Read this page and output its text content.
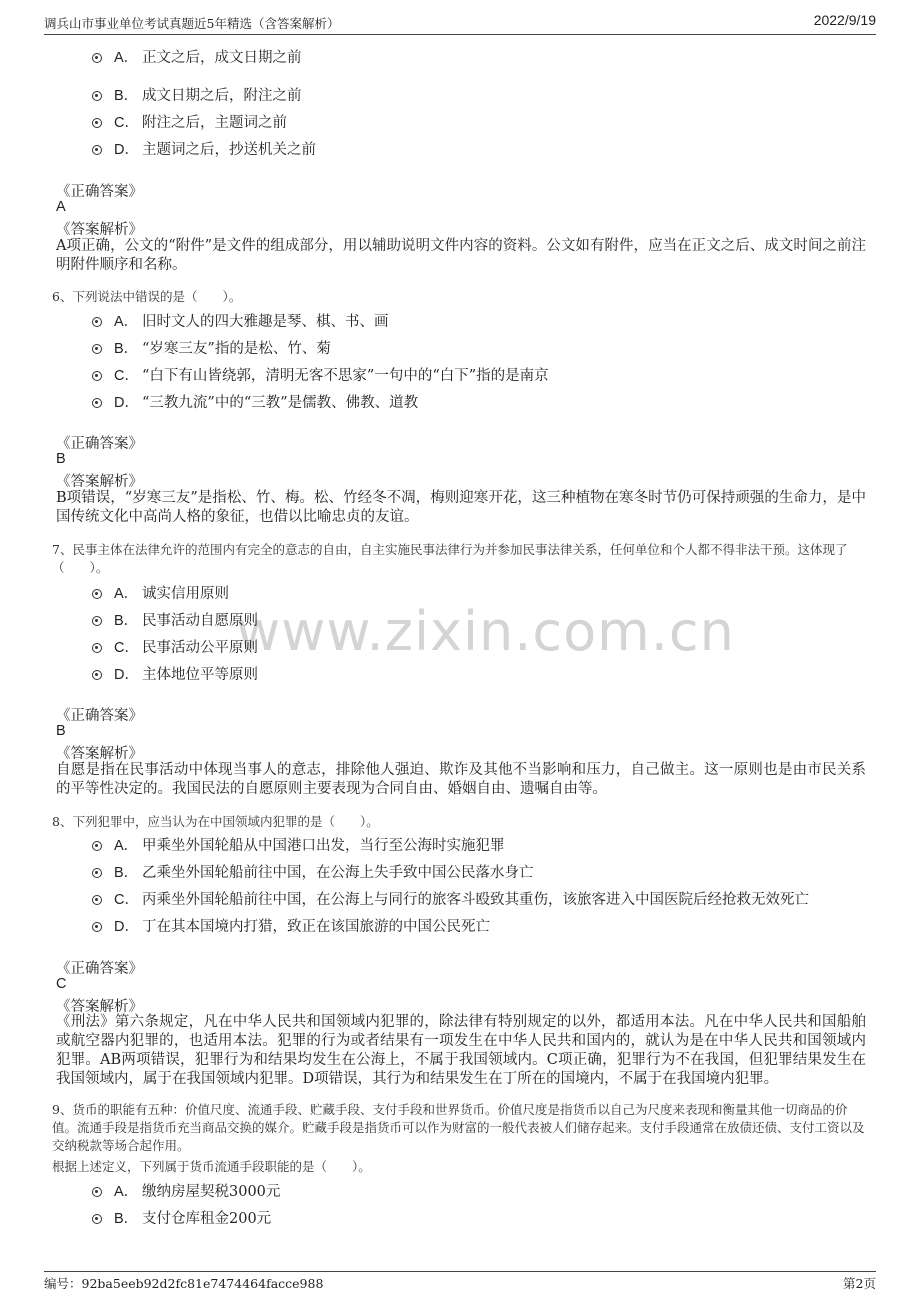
调兵山市事业单位考试真题近5年精选（含答案解析）	2022/9/19
www.zixin.com.cn
A． 正文之后，成文日期之前
B． 成文日期之后，附注之前
C． 附注之后，主题词之前
D． 主题词之后，抄送机关之前
《正确答案》
A
《答案解析》
A项正确，公文的“附件”是文件的组成部分，用以辅助说明文件内容的资料。公文如有附件，应当在正文之后、成文时间之前注明附件顺序和名称。
6、下列说法中错误的是（　　）。
A． 旧时文人的四大雅趣是琴、棋、书、画
B． “岁寒三友”指的是松、竹、菊
C． “白下有山皆绕郭，清明无客不思家”一句中的“白下”指的是南京
D． “三教九流”中的“三教”是儒教、佛教、道教
《正确答案》
B
《答案解析》
B项错误，“岁寒三友”是指松、竹、梅。松、竹经冬不凋，梅则迎寒开花，这三种植物在寒冬时节仍可保持顽强的生命力，是中国传统文化中高尚人格的象征，也借以比喻忠贞的友谊。
7、民事主体在法律允许的范围内有完全的意志的自由，自主实施民事法律行为并参加民事法律关系，任何单位和个人都不得非法干预。这体现了（　　）。
A． 诚实信用原则
B． 民事活动自愿原则
C． 民事活动公平原则
D． 主体地位平等原则
《正确答案》
B
《答案解析》
自愿是指在民事活动中体现当事人的意志，排除他人强迫、欺诈及其他不当影响和压力，自己做主。这一原则也是由市民关系的平等性决定的。我国民法的自愿原则主要表现为合同自由、婚姻自由、遗嘱自由等。
8、下列犯罪中，应当认为在中国领域内犯罪的是（　　）。
A． 甲乘坐外国轮船从中国港口出发，当行至公海时实施犯罪
B． 乙乘坐外国轮船前往中国，在公海上失手致中国公民落水身亡
C． 丙乘坐外国轮船前往中国，在公海上与同行的旅客斗殴致其重伤，该旅客进入中国医院后经抢救无效死亡
D． 丁在其本国境内打猎，致正在该国旅游的中国公民死亡
《正确答案》
C
《答案解析》
《刑法》第六条规定，凡在中华人民共和国领域内犯罪的，除法律有特别规定的以外，都适用本法。凡在中华人民共和国船舶或航空器内犯罪的，也适用本法。犯罪的行为或者结果有一项发生在中华人民共和国内的，就认为是在中华人民共和国领域内犯罪。AB两项错误，犯罪行为和结果均发生在公海上，不属于我国领域内。C项正确，犯罪行为不在我国，但犯罪结果发生在我国领域内，属于在我国领域内犯罪。D项错误，其行为和结果发生在丁所在的国境内，不属于在我国境内犯罪。
9、货币的职能有五种：价值尺度、流通手段、贮藏手段、支付手段和世界货币。价值尺度是指货币以自己为尺度来表现和衡量其他一切商品的价值。流通手段是指货币充当商品交换的媒介。贮藏手段是指货币可以作为财富的一般代表被人们储存起来。支付手段通常在放债还债、支付工资以及交纳税款等场合起作用。
根据上述定义，下列属于货币流通手段职能的是（　　）。
A． 缴纳房屋契税3000元
B． 支付仓库租金200元
编号：92ba5eeb92d2fc81e7474464facce988	第2页
